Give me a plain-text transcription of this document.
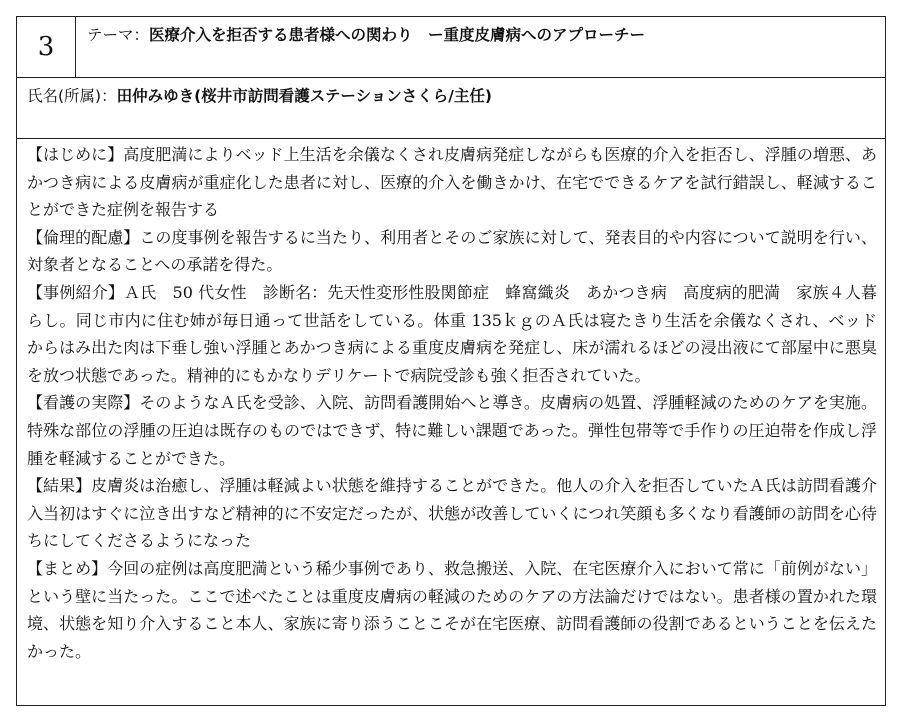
3	テーマ：医療介入を拒否する患者様への関わり　ー重度皮膚病へのアプローチー
氏名(所属)：田仲みゆき(桜井市訪問看護ステーションさくら/主任)

【はじめに】高度肥満によりベッド上生活を余儀なくされ皮膚病発症しながらも医療的介入を拒否し、浮腫の増悪、あかつき病による皮膚病が重症化した患者に対し、医療的介入を働きかけ、在宅でできるケアを試行錯誤し、軽減することができた症例を報告する

【倫理的配慮】この度事例を報告するに当たり、利用者とそのご家族に対して、発表目的や内容について説明を行い、対象者となることへの承諾を得た。

【事例紹介】Ａ氏　50 代女性　診断名：先天性変形性股関節症　蜂窩織炎　あかつき病　高度病的肥満　家族４人暮らし。同じ市内に住む姉が毎日通って世話をしている。体重 135ｋｇのＡ氏は寝たきり生活を余儀なくされ、ベッドからはみ出た肉は下垂し強い浮腫とあかつき病による重度皮膚病を発症し、床が濡れるほどの浸出液にて部屋中に悪臭を放つ状態であった。精神的にもかなりデリケートで病院受診も強く拒否されていた。

【看護の実際】そのようなＡ氏を受診、入院、訪問看護開始へと導き。皮膚病の処置、浮腫軽減のためのケアを実施。特殊な部位の浮腫の圧迫は既存のものではできず、特に難しい課題であった。弾性包帯等で手作りの圧迫帯を作成し浮腫を軽減することができた。

【結果】皮膚炎は治癒し、浮腫は軽減よい状態を維持することができた。他人の介入を拒否していたＡ氏は訪問看護介入当初はすぐに泣き出すなど精神的に不安定だったが、状態が改善していくにつれ笑顔も多くなり看護師の訪問を心待ちにしてくださるようになった

【まとめ】今回の症例は高度肥満という稀少事例であり、救急搬送、入院、在宅医療介入において常に「前例がない」という壁に当たった。ここで述べたことは重度皮膚病の軽減のためのケアの方法論だけではない。患者様の置かれた環境、状態を知り介入すること本人、家族に寄り添うことこそが在宅医療、訪問看護師の役割であるということを伝えたかった。
